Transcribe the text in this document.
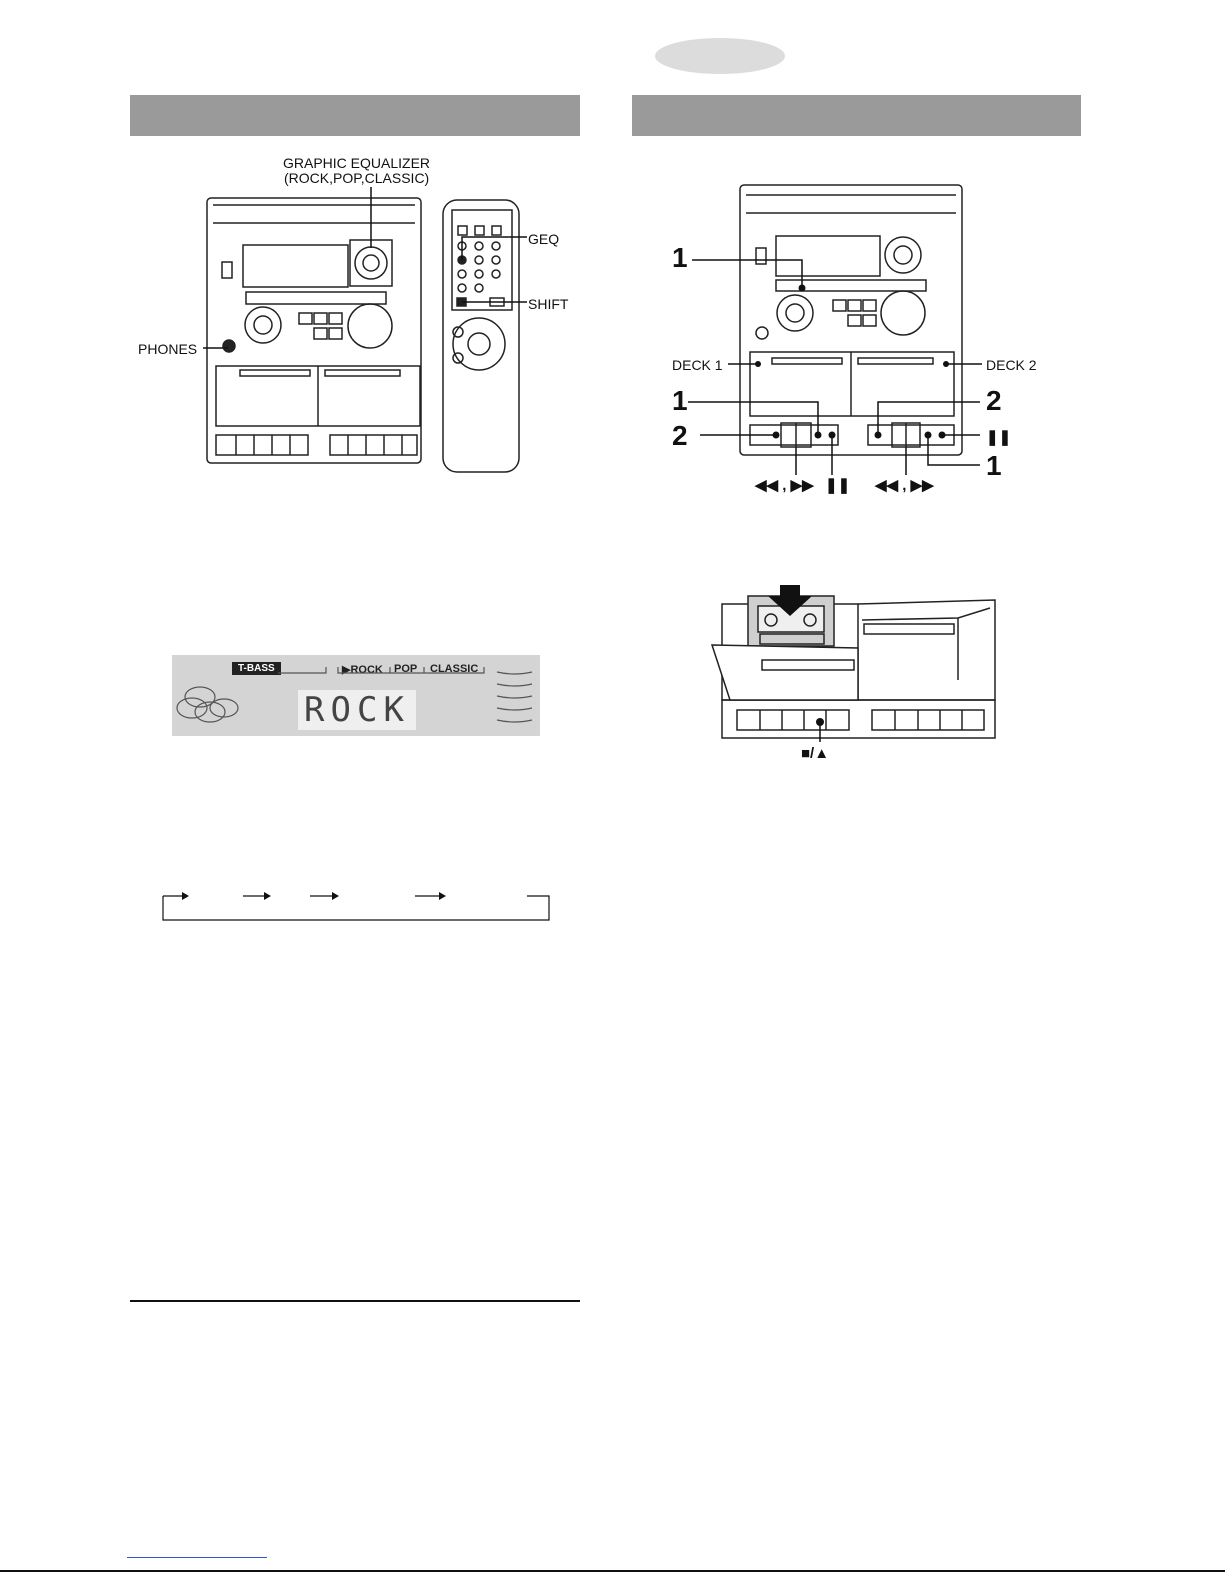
GRAPHIC EQUALIZER
(ROCK,POP,CLASSIC)
GEQ
SHIFT
PHONES
T-BASS	▶ROCK POP CLASSIC
ROCK
1
1
2
2
1
DECK 1	DECK 2
❚❚
◀◀ , ▶▶ ❚❚ ◀◀ , ▶▶
■/▲
